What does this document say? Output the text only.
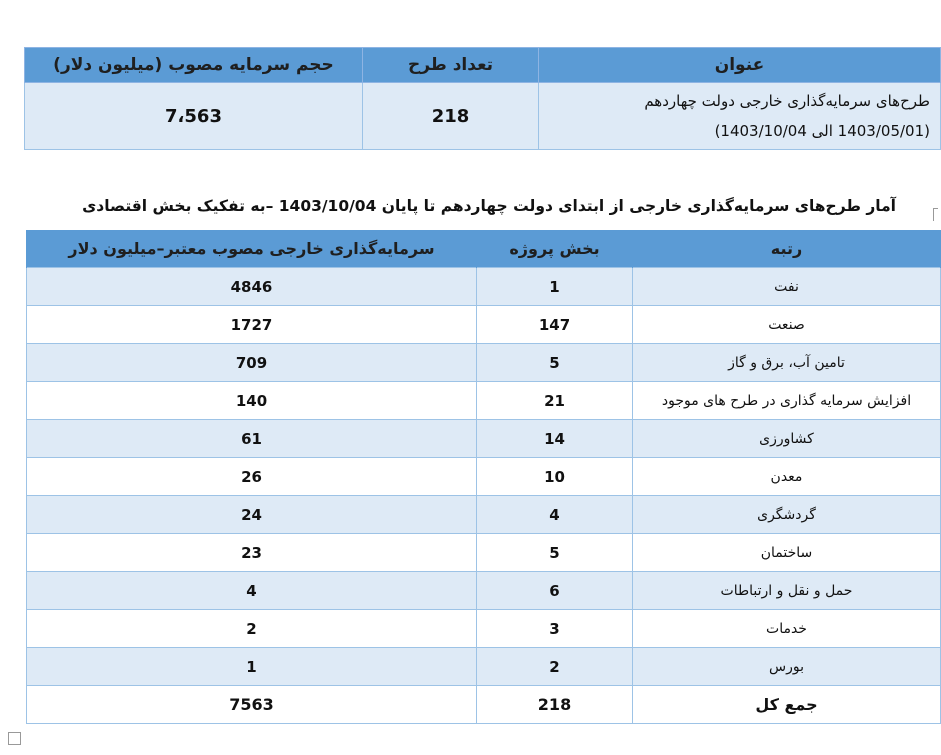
عنوان	تعداد طرح	حجم سرمایه مصوب (میلیون دلار)

طرح‌های سرمایه‌گذاری خارجی دولت چهاردهم
(1403/05/01 الی 1403/10/04)	218	7،563
آمار طرح‌های سرمایه‌گذاری خارجی از ابتدای دولت چهاردهم تا پایان 1403/10/04 –به تفکیک بخش اقتصادی
رتبه	بخش پروژه	سرمایه‌گذاری خارجی مصوب معتبر–میلیون دلار
نفت	1	4846
صنعت	147	1727
تامین آب، برق و گاز	5	709
افزایش سرمایه گذاری در طرح های موجود	21	140
کشاورزی	14	61
معدن	10	26
گردشگری	4	24
ساختمان	5	23
حمل و نقل و ارتباطات	6	4
خدمات	3	2
بورس	2	1
جمع کل	218	7563
